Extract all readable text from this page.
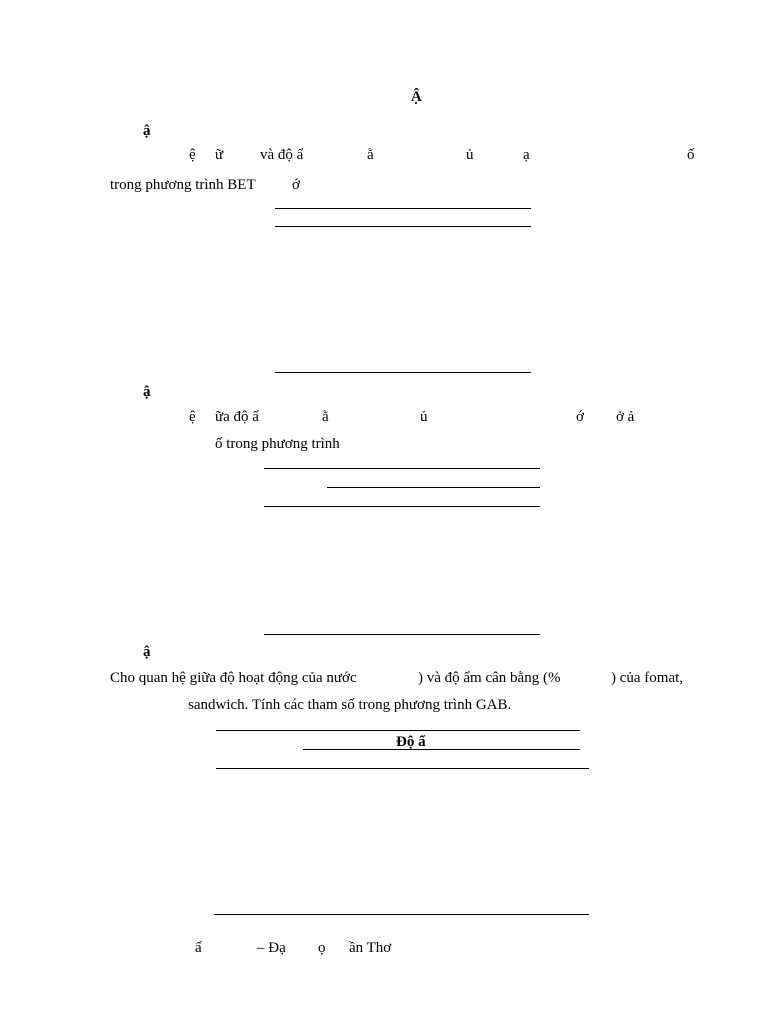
Ậ
ậ
ệ ữ và độ ẩ	ằ	ủ	ạ	ố
trong phương trình BET ớ
ậ
ệ ữa độ ẩ	ằ	ủ	ớ ở ả
ố trong phương trình
ậ
Cho quan hệ giữa độ hoạt động của nước	) và độ ẩm cân bằng (%	) của fomat,
sandwich. Tính các tham số trong phương trình GAB.
Độ ẩ
ấ	– Đạ ọ ần Thơ
